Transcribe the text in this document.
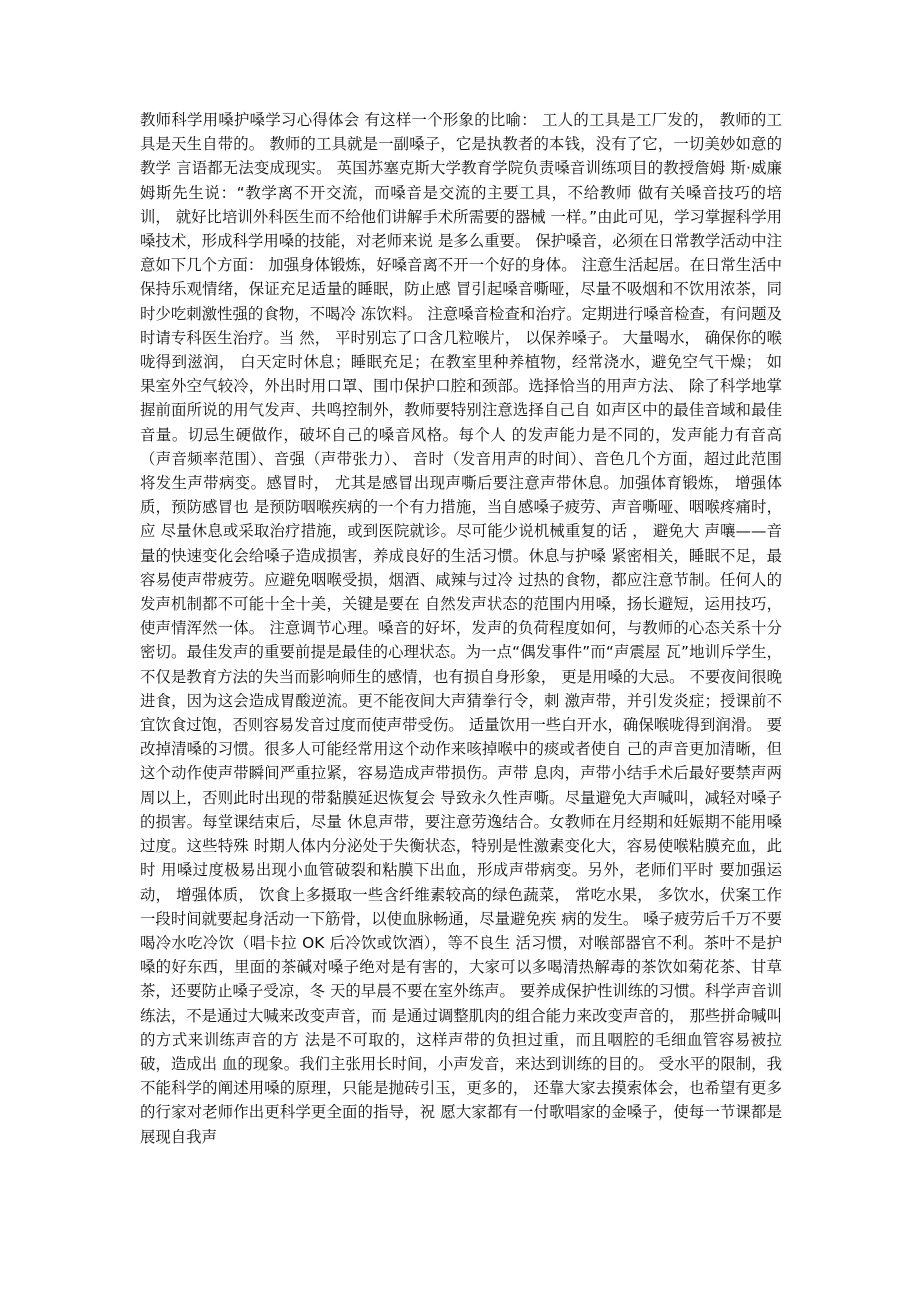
教师科学用嗓护嗓学习心得体会 有这样一个形象的比喻： 工人的工具是工厂发的， 教师的工具是天生自带的。 教师的工具就是一副嗓子，它是执教者的本钱，没有了它，一切美妙如意的教学 言语都无法变成现实。 英国苏塞克斯大学教育学院负责嗓音训练项目的教授詹姆 斯·威廉姆斯先生说：“教学离不开交流，而嗓音是交流的主要工具，不给教师 做有关嗓音技巧的培训， 就好比培训外科医生而不给他们讲解手术所需要的器械 一样。”由此可见，学习掌握科学用嗓技术，形成科学用嗓的技能，对老师来说 是多么重要。 保护嗓音，必须在日常教学活动中注意如下几个方面： 加强身体锻炼，好嗓音离不开一个好的身体。 注意生活起居。在日常生活中保持乐观情绪，保证充足适量的睡眠，防止感 冒引起嗓音嘶哑，尽量不吸烟和不饮用浓茶，同时少吃刺激性强的食物，不喝冷 冻饮料。 注意嗓音检查和治疗。定期进行嗓音检查，有问题及时请专科医生治疗。当 然， 平时别忘了口含几粒喉片， 以保养嗓子。 大量喝水， 确保你的喉咙得到滋润， 白天定时休息；睡眠充足；在教室里种养植物，经常浇水，避免空气干燥； 如 果室外空气较冷，外出时用口罩、围巾保护口腔和颈部。选择恰当的用声方法、 除了科学地掌握前面所说的用气发声、共鸣控制外，教师要特别注意选择自己自 如声区中的最佳音域和最佳音量。切忌生硬做作，破坏自己的嗓音风格。每个人 的发声能力是不同的，发声能力有音高（声音频率范围）、音强（声带张力）、 音时（发音用声的时间）、音色几个方面，超过此范围将发生声带病变。感冒时， 尤其是感冒出现声嘶后要注意声带休息。加强体育锻炼， 增强体质，预防感冒也 是预防咽喉疾病的一个有力措施，当自感嗓子疲劳、声音嘶哑、咽喉疼痛时，应 尽量休息或采取治疗措施，或到医院就诊。尽可能少说机械重复的话 ， 避免大 声嚷——音量的快速变化会给嗓子造成损害，养成良好的生活习惯。休息与护嗓 紧密相关，睡眠不足，最容易使声带疲劳。应避免咽喉受损，烟酒、咸辣与过冷 过热的食物，都应注意节制。任何人的发声机制都不可能十全十美，关键是要在 自然发声状态的范围内用嗓，扬长避短，运用技巧，使声情浑然一体。 注意调节心理。嗓音的好坏，发声的负荷程度如何，与教师的心态关系十分 密切。最佳发声的重要前提是最佳的心理状态。为一点“偶发事件”而“声震屋 瓦”地训斥学生，不仅是教育方法的失当而影响师生的感情，也有损自身形象， 更是用嗓的大忌。 不要夜间很晚进食，因为这会造成胃酸逆流。更不能夜间大声猜拳行令，刺 激声带，并引发炎症；授课前不宜饮食过饱，否则容易发音过度而使声带受伤。 适量饮用一些白开水，确保喉咙得到润滑。 要改掉清嗓的习惯。很多人可能经常用这个动作来咳掉喉中的痰或者使自 己的声音更加清晰，但这个动作使声带瞬间严重拉紧，容易造成声带损伤。声带 息肉，声带小结手术后最好要禁声两周以上，否则此时出现的带黏膜延迟恢复会 导致永久性声嘶。尽量避免大声喊叫，减轻对嗓子的损害。每堂课结束后，尽量 休息声带，要注意劳逸结合。女教师在月经期和妊娠期不能用嗓过度。这些特殊 时期人体内分泌处于失衡状态，特别是性激素变化大，容易使喉粘膜充血，此时 用嗓过度极易出现小血管破裂和粘膜下出血，形成声带病变。另外，老师们平时 要加强运动， 增强体质， 饮食上多摄取一些含纤维素较高的绿色蔬菜， 常吃水果， 多饮水，伏案工作一段时间就要起身活动一下筋骨，以使血脉畅通，尽量避免疾 病的发生。 嗓子疲劳后千万不要喝冷水吃冷饮（唱卡拉 OK 后冷饮或饮酒），等不良生 活习惯，对喉部器官不利。茶叶不是护嗓的好东西，里面的茶碱对嗓子绝对是有害的，大家可以多喝清热解毒的茶饮如菊花茶、甘草茶，还要防止嗓子受凉，冬 天的早晨不要在室外练声。 要养成保护性训练的习惯。科学声音训练法，不是通过大喊来改变声音，而 是通过调整肌肉的组合能力来改变声音的， 那些拼命喊叫的方式来训练声音的方 法是不可取的，这样声带的负担过重，而且咽腔的毛细血管容易被拉破，造成出 血的现象。我们主张用长时间，小声发音，来达到训练的目的。 受水平的限制，我不能科学的阐述用嗓的原理，只能是抛砖引玉，更多的， 还靠大家去摸索体会，也希望有更多的行家对老师作出更科学更全面的指导，祝 愿大家都有一付歌唱家的金嗓子，使每一节课都是展现自我声
